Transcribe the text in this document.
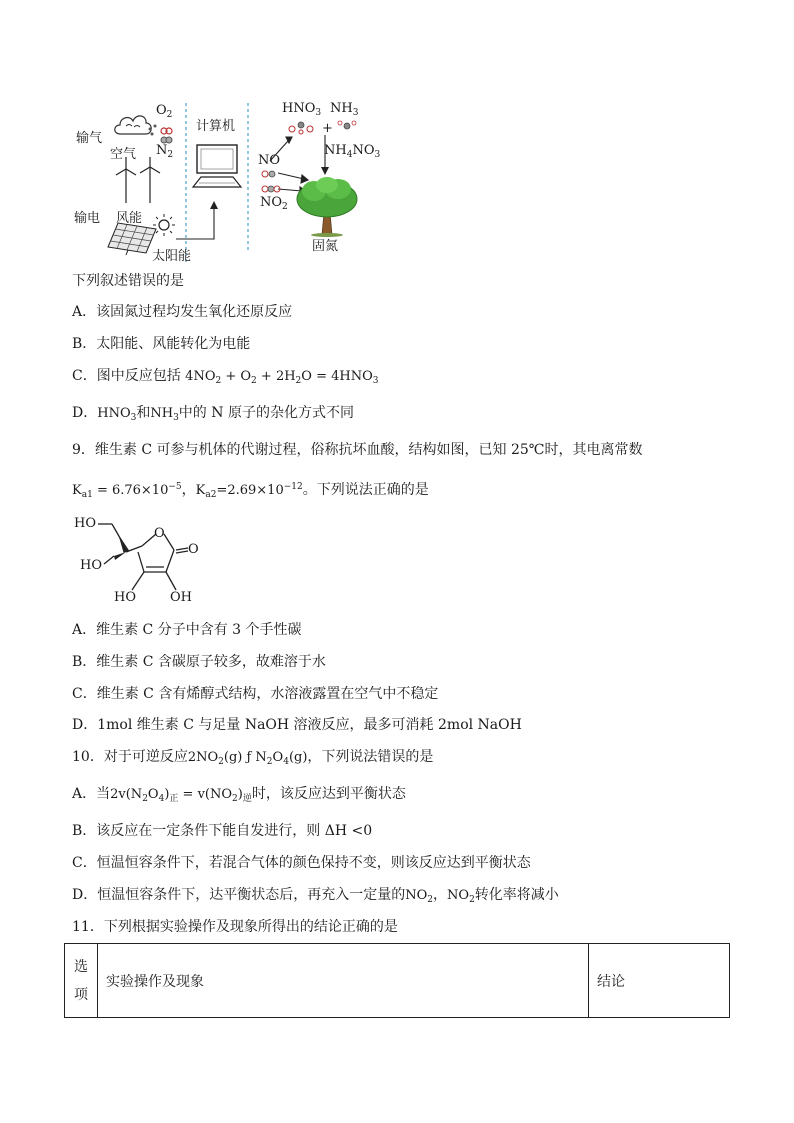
输气
空气
$O_2$
$N_2$
输电 风能
太阳能
计算机
$HNO_3$
+
$NH_3$
$NH_4NO_3$
NO
$NO_2$
固氮
下列叙述错误的是
A．该固氮过程均发生氧化还原反应
B．太阳能、风能转化为电能
C．图中反应包括 $4NO_2 + O_2 + 2H_2O = 4HNO_3$
D．$HNO_3$和$NH_3$中的 N 原子的杂化方式不同
9．维生素 C 可参与机体的代谢过程，俗称抗坏血酸，结构如图，已知 25℃时，其电离常数
$K_{a1} = 6.76\times 10^{-5}$，$K_{a2}=2.69\times 10^{-12}$。下列说法正确的是
HO
HO
HO	OH
O
O
A．维生素 C 分子中含有 3 个手性碳
B．维生素 C 含碳原子较多，故难溶于水
C．维生素 C 含有烯醇式结构，水溶液露置在空气中不稳定
D．1mol 维生素 C 与足量 NaOH 溶液反应，最多可消耗 2mol NaOH
10．对于可逆反应$2NO_2(g)$ ƒ $N_2O_4(g)$，下列说法错误的是
A．当$2v(N_2O_4)_正 = v(NO_2)_逆$时，该反应达到平衡状态
B．该反应在一定条件下能自发进行，则 ΔH <0
C．恒温恒容条件下，若混合气体的颜色保持不变，则该反应达到平衡状态
D．恒温恒容条件下，达平衡状态后，再充入一定量的$NO_2$，$NO_2$转化率将减小
11．下列根据实验操作及现象所得出的结论正确的是
选
项	实验操作及现象	结论
